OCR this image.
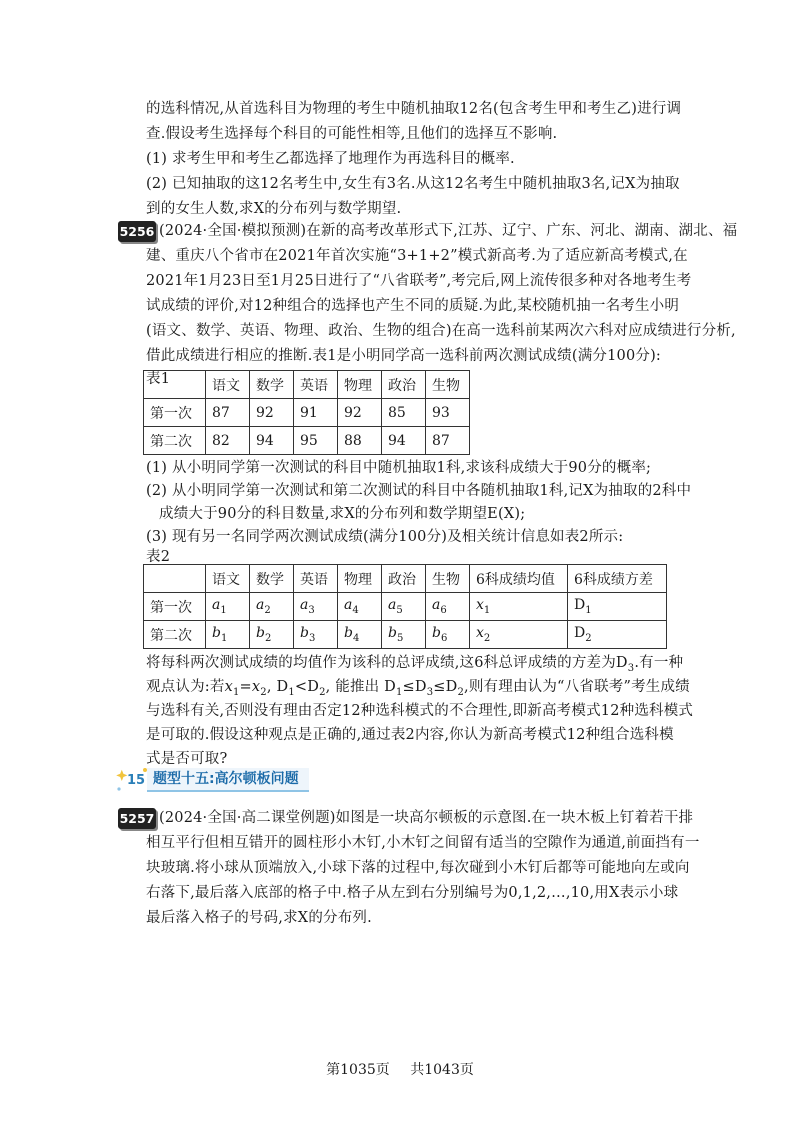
的选科情况,从首选科目为物理的考生中随机抽取12名(包含考生甲和考生乙)进行调
查.假设考生选择每个科目的可能性相等,且他们的选择互不影响.
(1) 求考生甲和考生乙都选择了地理作为再选科目的概率.
(2) 已知抽取的这12名考生中,女生有3名.从这12名考生中随机抽取3名,记X为抽取
到的女生人数,求X的分布列与数学期望.
5256 (2024·全国·模拟预测)在新的高考改革形式下,江苏、辽宁、广东、河北、湖南、湖北、福
建、重庆八个省市在2021年首次实施“3+1+2”模式新高考.为了适应新高考模式,在
2021年1月23日至1月25日进行了“八省联考”,考完后,网上流传很多种对各地考生考
试成绩的评价,对12种组合的选择也产生不同的质疑.为此,某校随机抽一名考生小明
(语文、数学、英语、物理、政治、生物的组合)在高一选科前某两次六科对应成绩进行分析,
借此成绩进行相应的推断.表1是小明同学高一选科前两次测试成绩(满分100分):
表1
		语文	数学	英语	物理	政治	生物
第一次	87	92	91	92	85	93
第二次	82	94	95	88	94	87
(1) 从小明同学第一次测试的科目中随机抽取1科,求该科成绩大于90分的概率;
(2) 从小明同学第一次测试和第二次测试的科目中各随机抽取1科,记X为抽取的2科中
成绩大于90分的科目数量,求X的分布列和数学期望E(X);
(3) 现有另一名同学两次测试成绩(满分100分)及相关统计信息如表2所示:
表2
	语文	数学	英语	物理	政治	生物	6科成绩均值	6科成绩方差
第一次	$a_1$	$a_2$	$a_3$	$a_4$	$a_5$	$a_6$	$x_1$	$D_1$
第二次	$b_1$	$b_2$	$b_3$	$b_4$	$b_5$	$b_6$	$x_2$	$D_2$
将每科两次测试成绩的均值作为该科的总评成绩,这6科总评成绩的方差为$D_3$.有一种
观点认为:若$x_1=x_2$, $D_1<D_2$, 能推出 $D_1\le D_3\le D_2$,则有理由认为“八省联考”考生成绩
与选科有关,否则没有理由否定12种选科模式的不合理性,即新高考模式12种选科模式
是可取的.假设这种观点是正确的,通过表2内容,你认为新高考模式12种组合选科模
式是否可取?
15 题型十五:高尔顿板问题
5257 (2024·全国·高二课堂例题)如图是一块高尔顿板的示意图.在一块木板上钉着若干排
相互平行但相互错开的圆柱形小木钉,小木钉之间留有适当的空隙作为通道,前面挡有一
块玻璃.将小球从顶端放入,小球下落的过程中,每次碰到小木钉后都等可能地向左或向
右落下,最后落入底部的格子中.格子从左到右分别编号为0,1,2,…,10,用X表示小球
最后落入格子的号码,求X的分布列.
第1035页 共1043页
